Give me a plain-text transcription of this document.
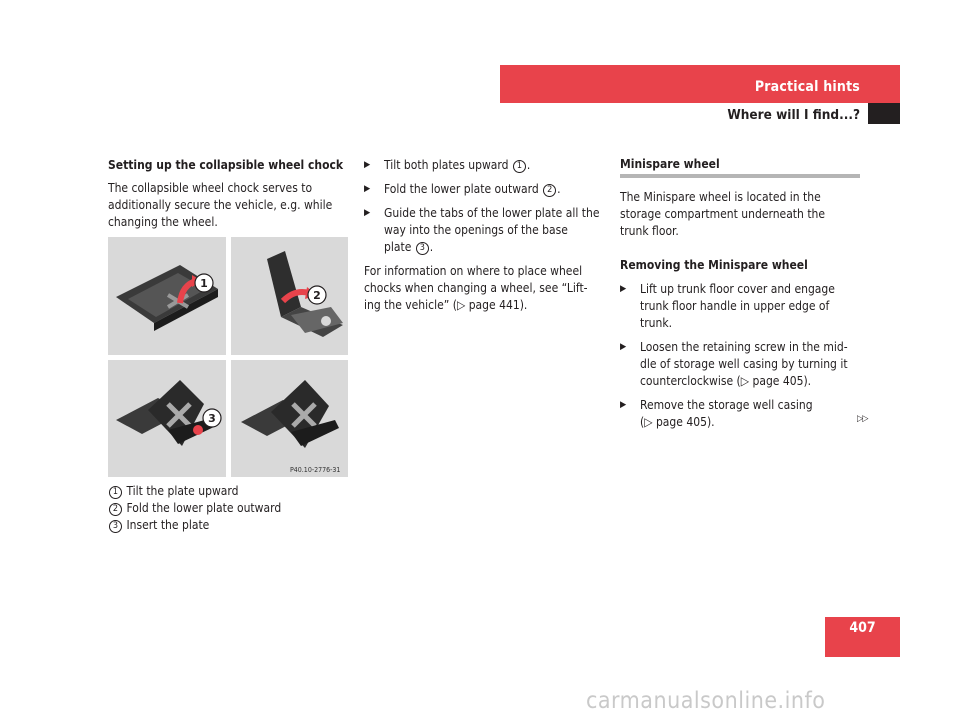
Practical hints
Where will I find...?
Setting up the collapsible wheel chock
The collapsible wheel chock serves to
additionally secure the vehicle, e.g. while
changing the wheel.
1
2
3
P40.10-2776-31
1 Tilt the plate upward
2 Fold the lower plate outward
3 Insert the plate
▶ Tilt both plates upward 1 .
▶ Fold the lower plate outward 2 .
▶ Guide the tabs of the lower plate all the
way into the openings of the base
plate 3 .
For information on where to place wheel
chocks when changing a wheel, see “Lift-
ing the vehicle” (▷ page 441).
Minispare wheel
The Minispare wheel is located in the
storage compartment underneath the
trunk floor.
Removing the Minispare wheel
▶ Lift up trunk floor cover and engage
trunk floor handle in upper edge of
trunk.
▶ Loosen the retaining screw in the mid-
dle of storage well casing by turning it
counterclockwise (▷ page 405).
▶ Remove the storage well casing
(▷ page 405).	▷▷
407
carmanualsonline.info
